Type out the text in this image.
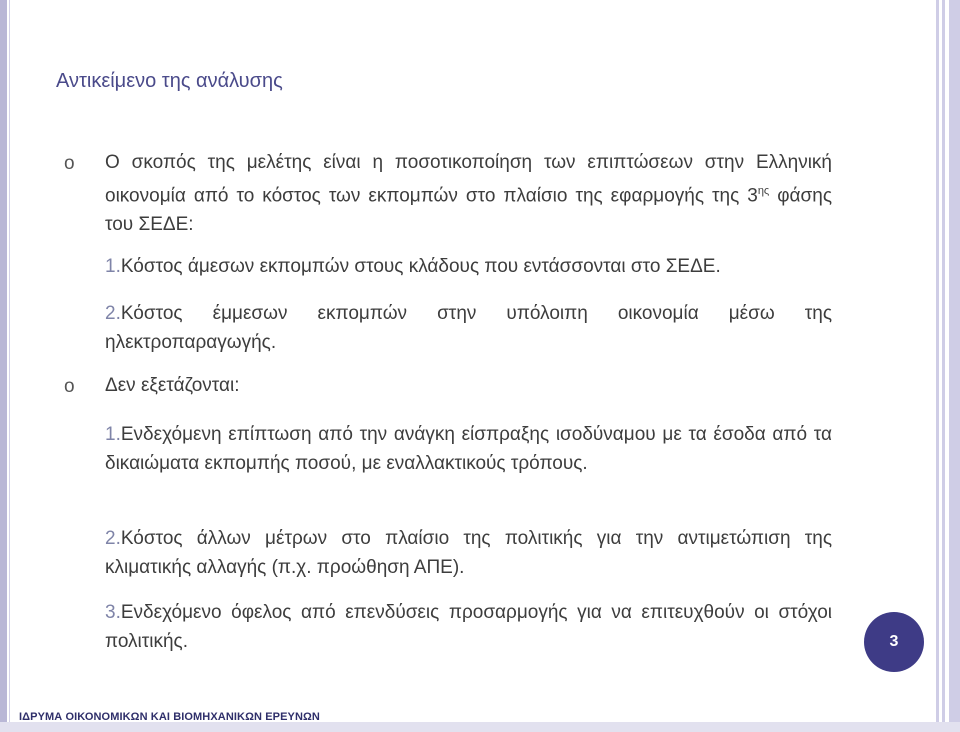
Αντικείμενο της ανάλυσης
o Ο σκοπός της μελέτης είναι η ποσοτικοποίηση των επιπτώσεων στην Ελληνική οικονομία από το κόστος των εκπομπών στο πλαίσιο της εφαρμογής της $3^{\eta\varsigma}$ φάσης του ΣΕΔΕ:
1.Κόστος άμεσων εκπομπών στους κλάδους που εντάσσονται στο ΣΕΔΕ.
2.Κόστος έμμεσων εκπομπών στην υπόλοιπη οικονομία μέσω της ηλεκτροπαραγωγής.
o Δεν εξετάζονται:
1.Ενδεχόμενη επίπτωση από την ανάγκη είσπραξης ισοδύναμου με τα έσοδα από τα δικαιώματα εκπομπής ποσού, με εναλλακτικούς τρόπους.
2.Κόστος άλλων μέτρων στο πλαίσιο της πολιτικής για την αντιμετώπιση της κλιματικής αλλαγής (π.χ. προώθηση ΑΠΕ).
3.Ενδεχόμενο όφελος από επενδύσεις προσαρμογής για να επιτευχθούν οι στόχοι πολιτικής.	3
ΙΔΡΥΜΑ ΟΙΚΟΝΟΜΙΚΩΝ ΚΑΙ ΒΙΟΜΗΧΑΝΙΚΩΝ ΕΡΕΥΝΩΝ
